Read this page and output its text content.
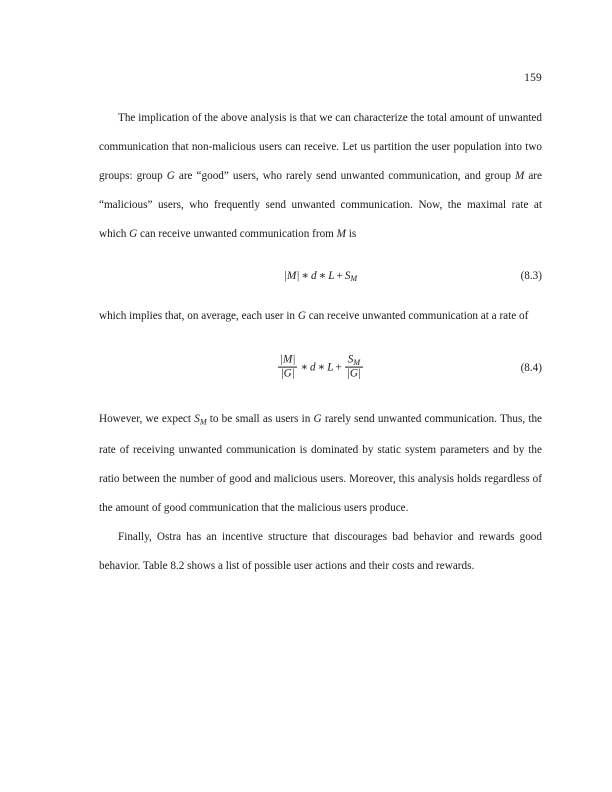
159

The implication of the above analysis is that we can characterize the total amount of unwanted communication that non-malicious users can receive. Let us partition the user population into two groups: group G are “good” users, who rarely send unwanted communication, and group M are “malicious” users, who frequently send unwanted communication. Now, the maximal rate at which G can receive unwanted communication from M is

|M| ∗ d ∗ $L + S_M$	(8.3)

which implies that, on average, each user in G can receive unwanted communication at a rate of

$\frac{|M|}{|G|}$ ∗ d ∗ $L + \frac{S_M}{|G|}$	(8.4)

However, we expect $S_M$ to be small as users in G rarely send unwanted communication. Thus, the rate of receiving unwanted communication is dominated by static system parameters and by the ratio between the number of good and malicious users. Moreover, this analysis holds regardless of the amount of good communication that the malicious users produce.

Finally, Ostra has an incentive structure that discourages bad behavior and rewards good behavior. Table 8.2 shows a list of possible user actions and their costs and rewards.
